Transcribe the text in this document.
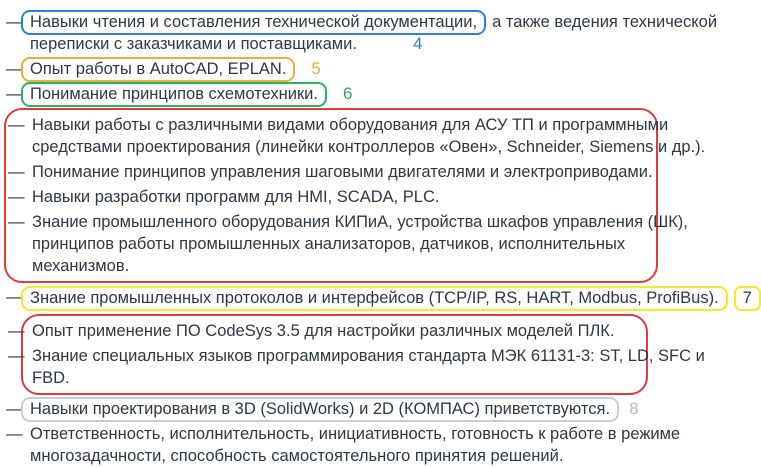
— Навыки чтения и составления технической документации, а также ведения технической
переписки с заказчиками и поставщиками.	4
— Опыт работы в AutoCAD, EPLAN. 5
— Понимание принципов схемотехники. 6
— Навыки работы с различными видами оборудования для АСУ ТП и программными
средствами проектирования (линейки контроллеров «Овен», Schneider, Siemens и др.).
— Понимание принципов управления шаговыми двигателями и электроприводами.
— Навыки разработки программ для HMI, SCADA, PLC.
— Знание промышленного оборудования КИПиА, устройства шкафов управления (ШК),
принципов работы промышленных анализаторов, датчиков, исполнительных
механизмов.
— Знание промышленных протоколов и интерфейсов (TCP/IP, RS, HART, Modbus, ProfiBus). 7
— Опыт применение ПО CodeSys 3.5 для настройки различных моделей ПЛК.
— Знание специальных языков программирования стандарта МЭК 61131-3: ST, LD, SFC и
FBD.
— Навыки проектирования в 3D (SolidWorks) и 2D (КОМПАС) приветствуются. 8
— Ответственность, исполнительность, инициативность, готовность к работе в режиме
многозадачности, способность самостоятельного принятия решений.
